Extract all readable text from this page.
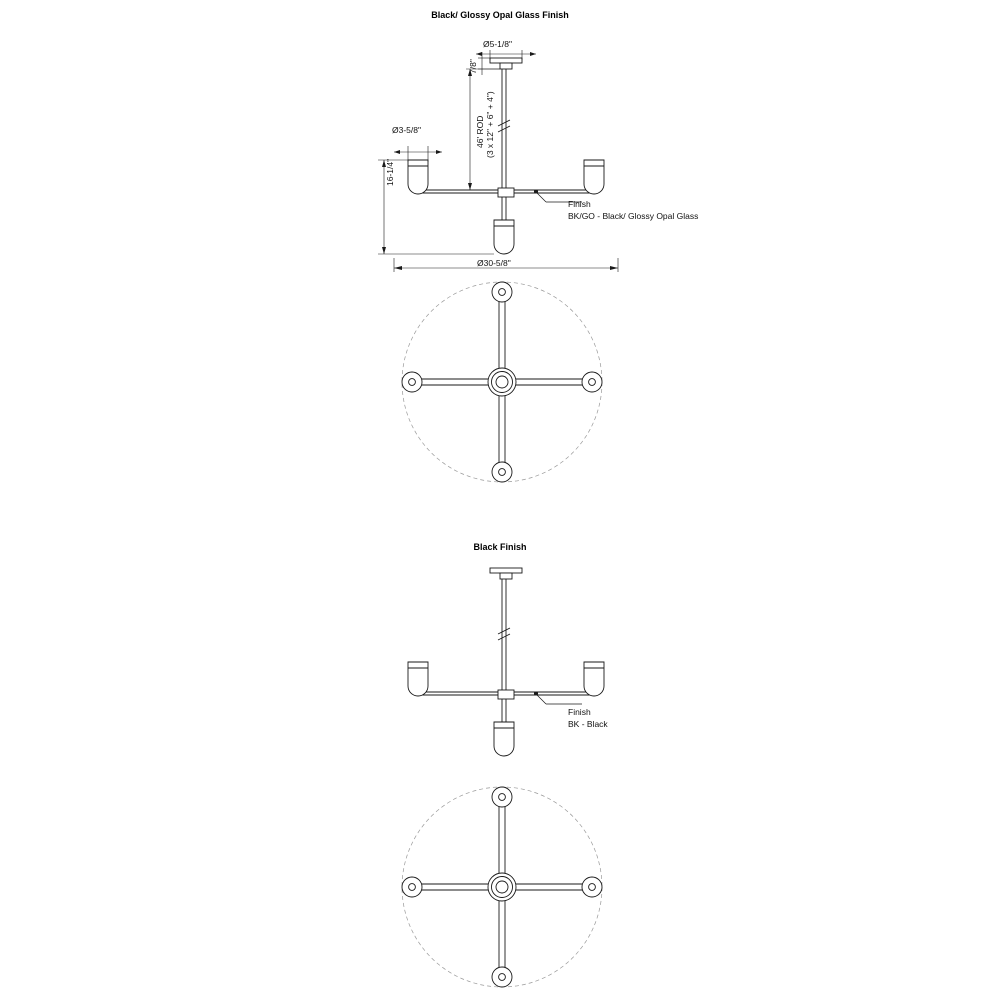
Black/ Glossy Opal Glass Finish
Ø5-1/8"
7/8"
46' ROD (3 x 12" + 6" + 4")
Ø3-5/8"
16-1/4"
Ø30-5/8"
Finish
BK/GO - Black/ Glossy Opal Glass
Black Finish
Finish
BK - Black
